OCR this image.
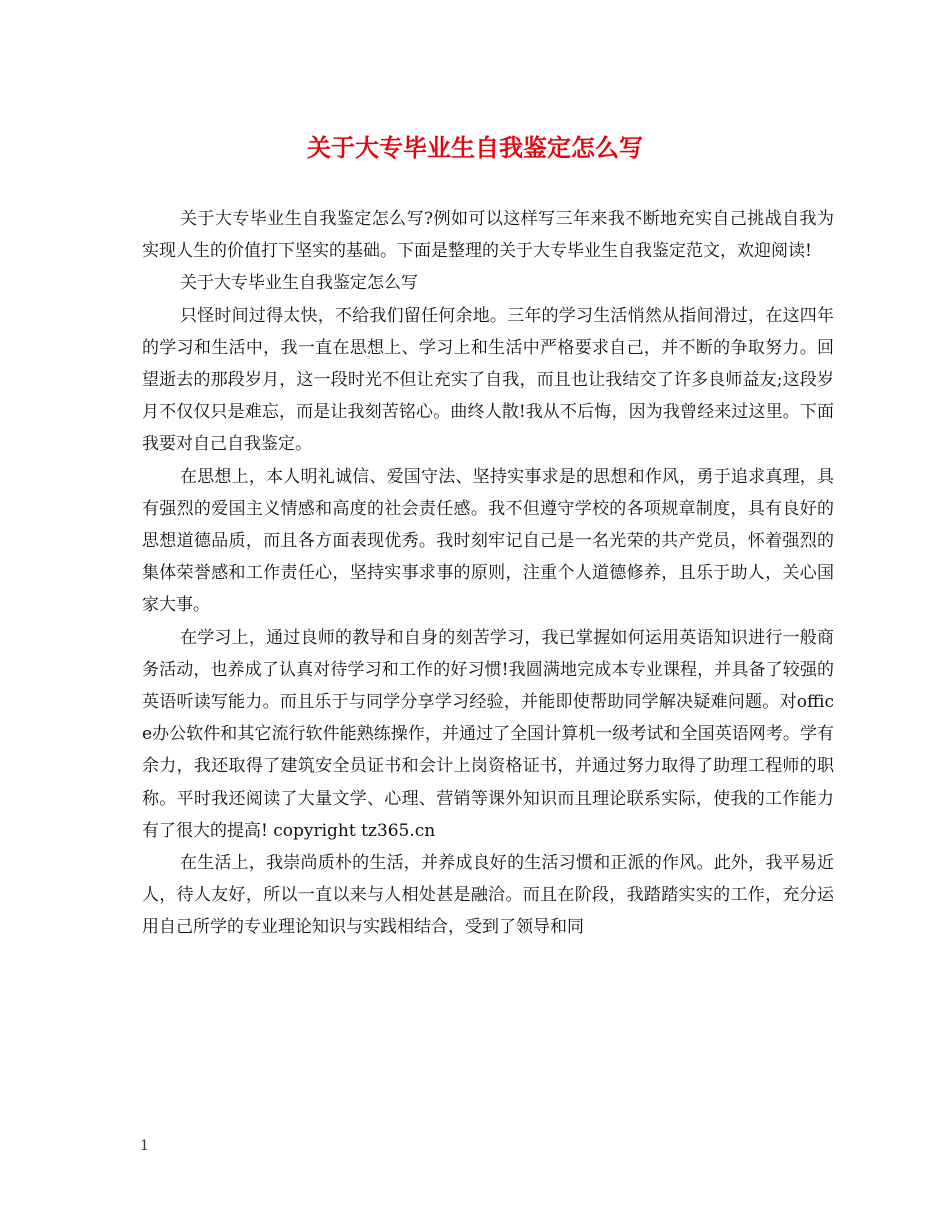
关于大专毕业生自我鉴定怎么写

关于大专毕业生自我鉴定怎么写?例如可以这样写三年来我不断地充实自己挑战自我为实现人生的价值打下坚实的基础。下面是整理的关于大专毕业生自我鉴定范文，欢迎阅读!

关于大专毕业生自我鉴定怎么写

只怪时间过得太快，不给我们留任何余地。三年的学习生活悄然从指间滑过，在这四年的学习和生活中，我一直在思想上、学习上和生活中严格要求自己，并不断的争取努力。回望逝去的那段岁月，这一段时光不但让充实了自我，而且也让我结交了许多良师益友;这段岁月不仅仅只是难忘，而是让我刻苦铭心。曲终人散!我从不后悔，因为我曾经来过这里。下面我要对自己自我鉴定。

在思想上，本人明礼诚信、爱国守法、坚持实事求是的思想和作风，勇于追求真理，具有强烈的爱国主义情感和高度的社会责任感。我不但遵守学校的各项规章制度，具有良好的思想道德品质，而且各方面表现优秀。我时刻牢记自己是一名光荣的共产党员，怀着强烈的集体荣誉感和工作责任心，坚持实事求事的原则，注重个人道德修养，且乐于助人，关心国家大事。

在学习上，通过良师的教导和自身的刻苦学习，我已掌握如何运用英语知识进行一般商务活动，也养成了认真对待学习和工作的好习惯!我圆满地完成本专业课程，并具备了较强的英语听读写能力。而且乐于与同学分享学习经验，并能即使帮助同学解决疑难问题。对office办公软件和其它流行软件能熟练操作，并通过了全国计算机一级考试和全国英语网考。学有余力，我还取得了建筑安全员证书和会计上岗资格证书，并通过努力取得了助理工程师的职称。平时我还阅读了大量文学、心理、营销等课外知识而且理论联系实际，使我的工作能力有了很大的提高! copyright tz365.cn

在生活上，我崇尚质朴的生活，并养成良好的生活习惯和正派的作风。此外，我平易近人，待人友好，所以一直以来与人相处甚是融洽。而且在阶段，我踏踏实实的工作，充分运用自己所学的专业理论知识与实践相结合，受到了领导和同

1
